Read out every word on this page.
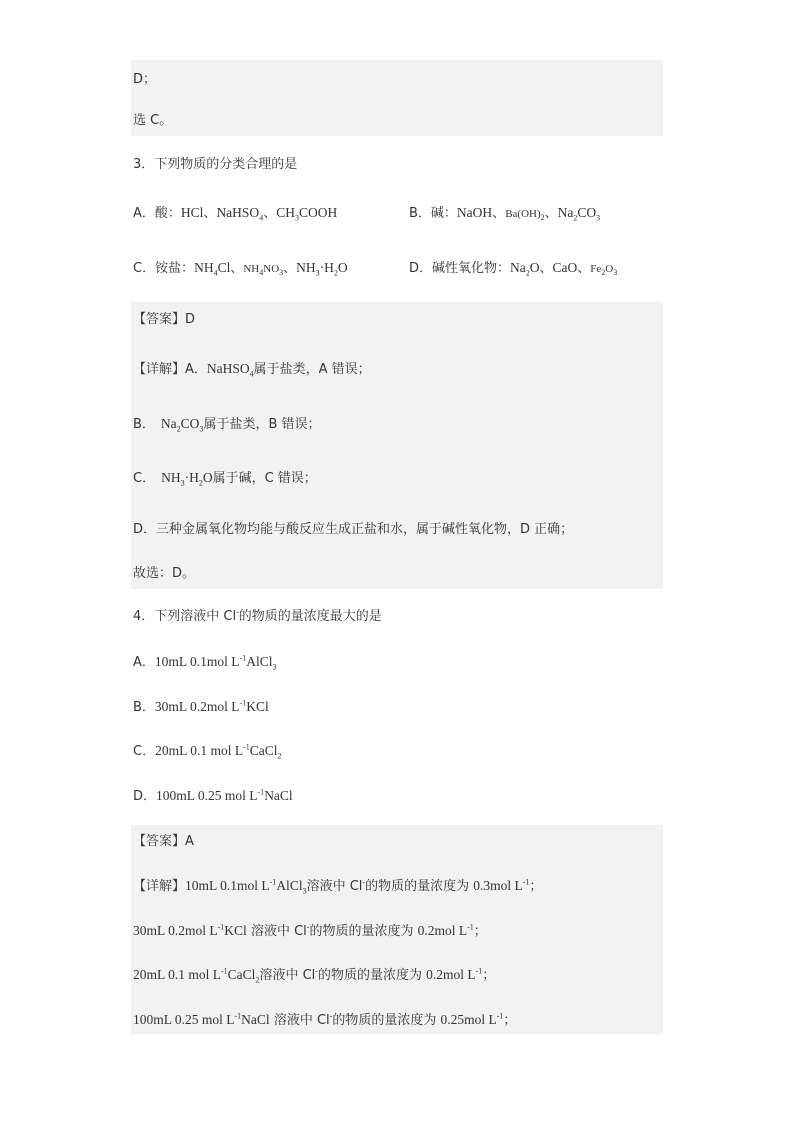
D；
选 C。
3．下列物质的分类合理的是
A．酸：HCl、NaHSO$_4$、$CH_3COOH$	B．碱：NaOH、$Ba(OH)_2$、$Na_2CO_3$
C．铵盐：$NH_4Cl$、$NH_4NO_3$、$NH_3\cdot H_2O$	D．碱性氧化物：$Na_2O$、CaO、$Fe_2O_3$
【答案】D
【详解】A．NaHSO$_4$属于盐类，A 错误；
B． $Na_2CO_3$属于盐类，B 错误；
C． $NH_3\cdot H_2O$属于碱，C 错误；
D．三种金属氧化物均能与酸反应生成正盐和水，属于碱性氧化物，D 正确；
故选：D。
4．下列溶液中 Cl-的物质的量浓度最大的是
A．10mL 0.1mol $L^{-1}AlCl_3$
B．30mL 0.2mol $L^{-1}KCl$
C．20mL 0.1 mol $L^{-1}CaCl_2$
D．100mL 0.25 mol $L^{-1}NaCl$
【答案】A
【详解】10mL 0.1mol $L^{-1}AlCl_3$溶液中 Cl-的物质的量浓度为 0.3mol $L^{-1}$；
30mL 0.2mol $L^{-1}KCl$ 溶液中 Cl-的物质的量浓度为 0.2mol $L^{-1}$；
20mL 0.1 mol $L^{-1}CaCl_2$溶液中 Cl-的物质的量浓度为 0.2mol $L^{-1}$；
100mL 0.25 mol $L^{-1}NaCl$ 溶液中 Cl-的物质的量浓度为 0.25mol $L^{-1}$；
